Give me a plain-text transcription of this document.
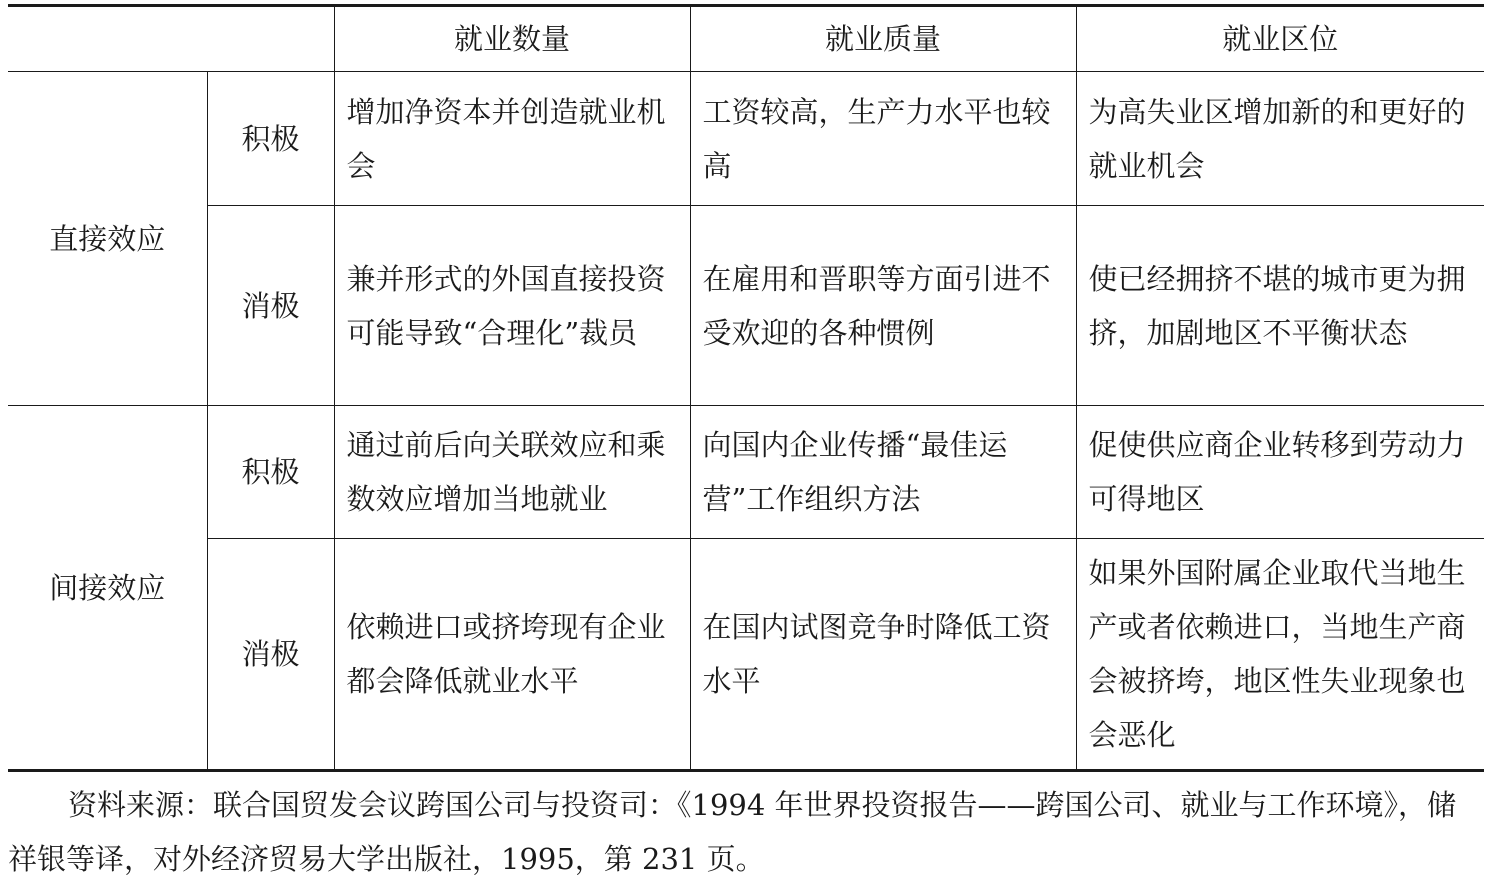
		就业数量	就业质量	就业区位
直接效应	积极	增加净资本并创造就业机会	工资较高，生产力水平也较高	为高失业区增加新的和更好的就业机会
	消极	兼并形式的外国直接投资可能导致“合理化”裁员	在雇用和晋职等方面引进不受欢迎的各种惯例	使已经拥挤不堪的城市更为拥挤，加剧地区不平衡状态
间接效应	积极	通过前后向关联效应和乘数效应增加当地就业	向国内企业传播“最佳运营”工作组织方法	促使供应商企业转移到劳动力可得地区
	消极	依赖进口或挤垮现有企业都会降低就业水平	在国内试图竞争时降低工资水平	如果外国附属企业取代当地生产或者依赖进口，当地生产商会被挤垮，地区性失业现象也会恶化
资料来源：联合国贸发会议跨国公司与投资司：《1994 年世界投资报告——跨国公司、就业与工作环境》，储祥银等译，对外经济贸易大学出版社，1995，第 231 页。
